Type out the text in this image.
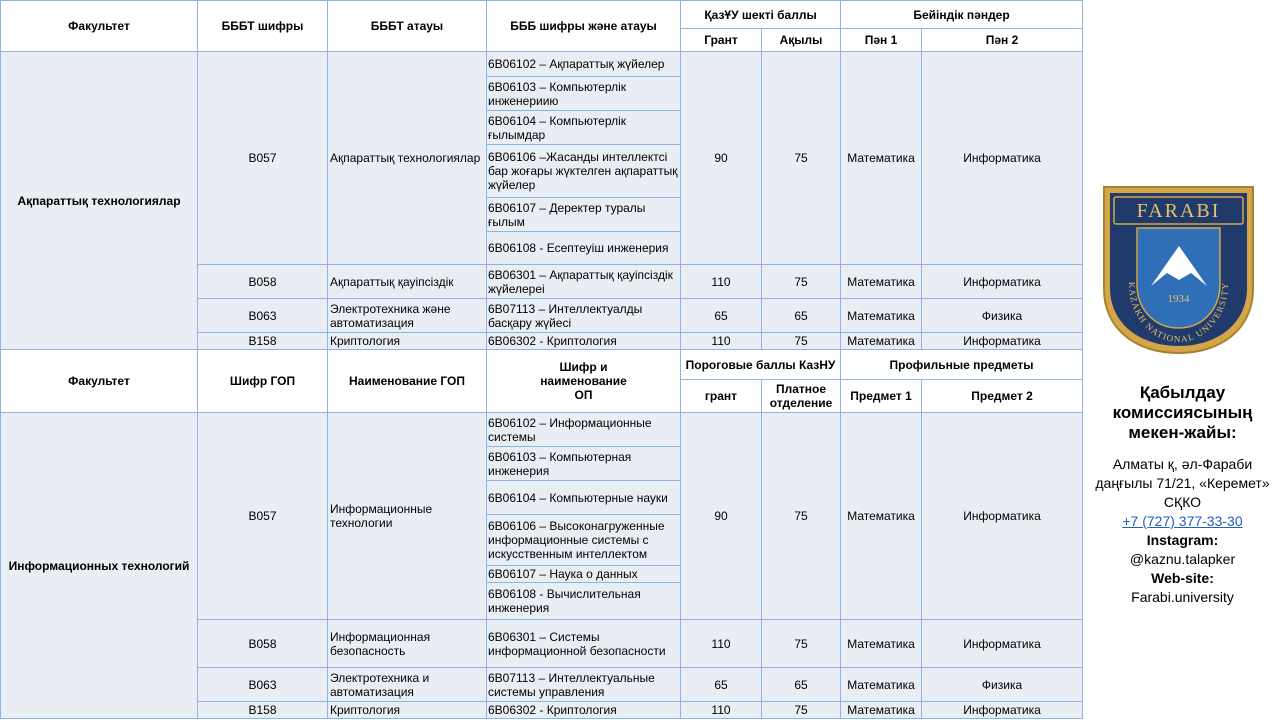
Факультет	БББТ шифры	БББТ атауы	БББ шифры және атауы	ҚазҰУ шекті баллы		Бейіндік пәндер	
				Грант	Ақылы	Пән 1	Пән 2
Ақпараттық технологиялар	B057	Ақпараттық технологиялар	6В06102 – Ақпараттық жүйелер	90	75	Математика	Информатика
			6В06103 – Компьютерлік инженериию				
			6В06104 – Компьютерлік ғылымдар				
			6В06106 –Жасанды интеллектсі бар жоғары жүктелген ақпараттық жүйелер				
			6В06107 – Деректер туралы ғылым				
			6В06108 - Есептеуіш инженерия				
	B058	Ақпараттық қауіпсіздік	6В06301 – Ақпараттық қауіпсіздік жүйелереі	110	75	Математика	Информатика
	B063	Электротехника және автоматизация	6В07113 – Интеллектуалды басқару жүйесі	65	65	Математика	Физика
	B158	Криптология	6В06302 - Криптология	110	75	Математика	Информатика
Факультет	Шифр ГОП	Наименование ГОП	Шифр и наименование ОП	Пороговые баллы КазНУ		Профильные предметы	
				грант	Платное отделение	Предмет 1	Предмет 2
Информационных технологий	B057	Информационные технологии	6В06102 – Информационные системы	90	75	Математика	Информатика
			6В06103 – Компьютерная инженерия				
			6В06104 – Компьютерные науки				
			6В06106 – Высоконагруженные информационные системы с искусственным интеллектом				
			6В06107 – Наука о данных				
			6В06108 - Вычислительная инженерия				
	B058	Информационная безопасность	6В06301 – Системы информационной безопасности	110	75	Математика	Информатика
	B063	Электротехника и автоматизация	6В07113 – Интеллектуальные системы управления	65	65	Математика	Физика
	B158	Криптология	6В06302 - Криптология	110	75	Математика	Информатика
FARABI
1934
KAZAKH NATIONAL UNIVERSITY
Қабылдау комиссиясының мекен-жайы:
Алматы қ, әл-Фараби даңғылы 71/21, «Керемет» СҚКО
+7 (727) 377-33-30
Instagram:
@kaznu.talapker
Web-site:
Farabi.university
